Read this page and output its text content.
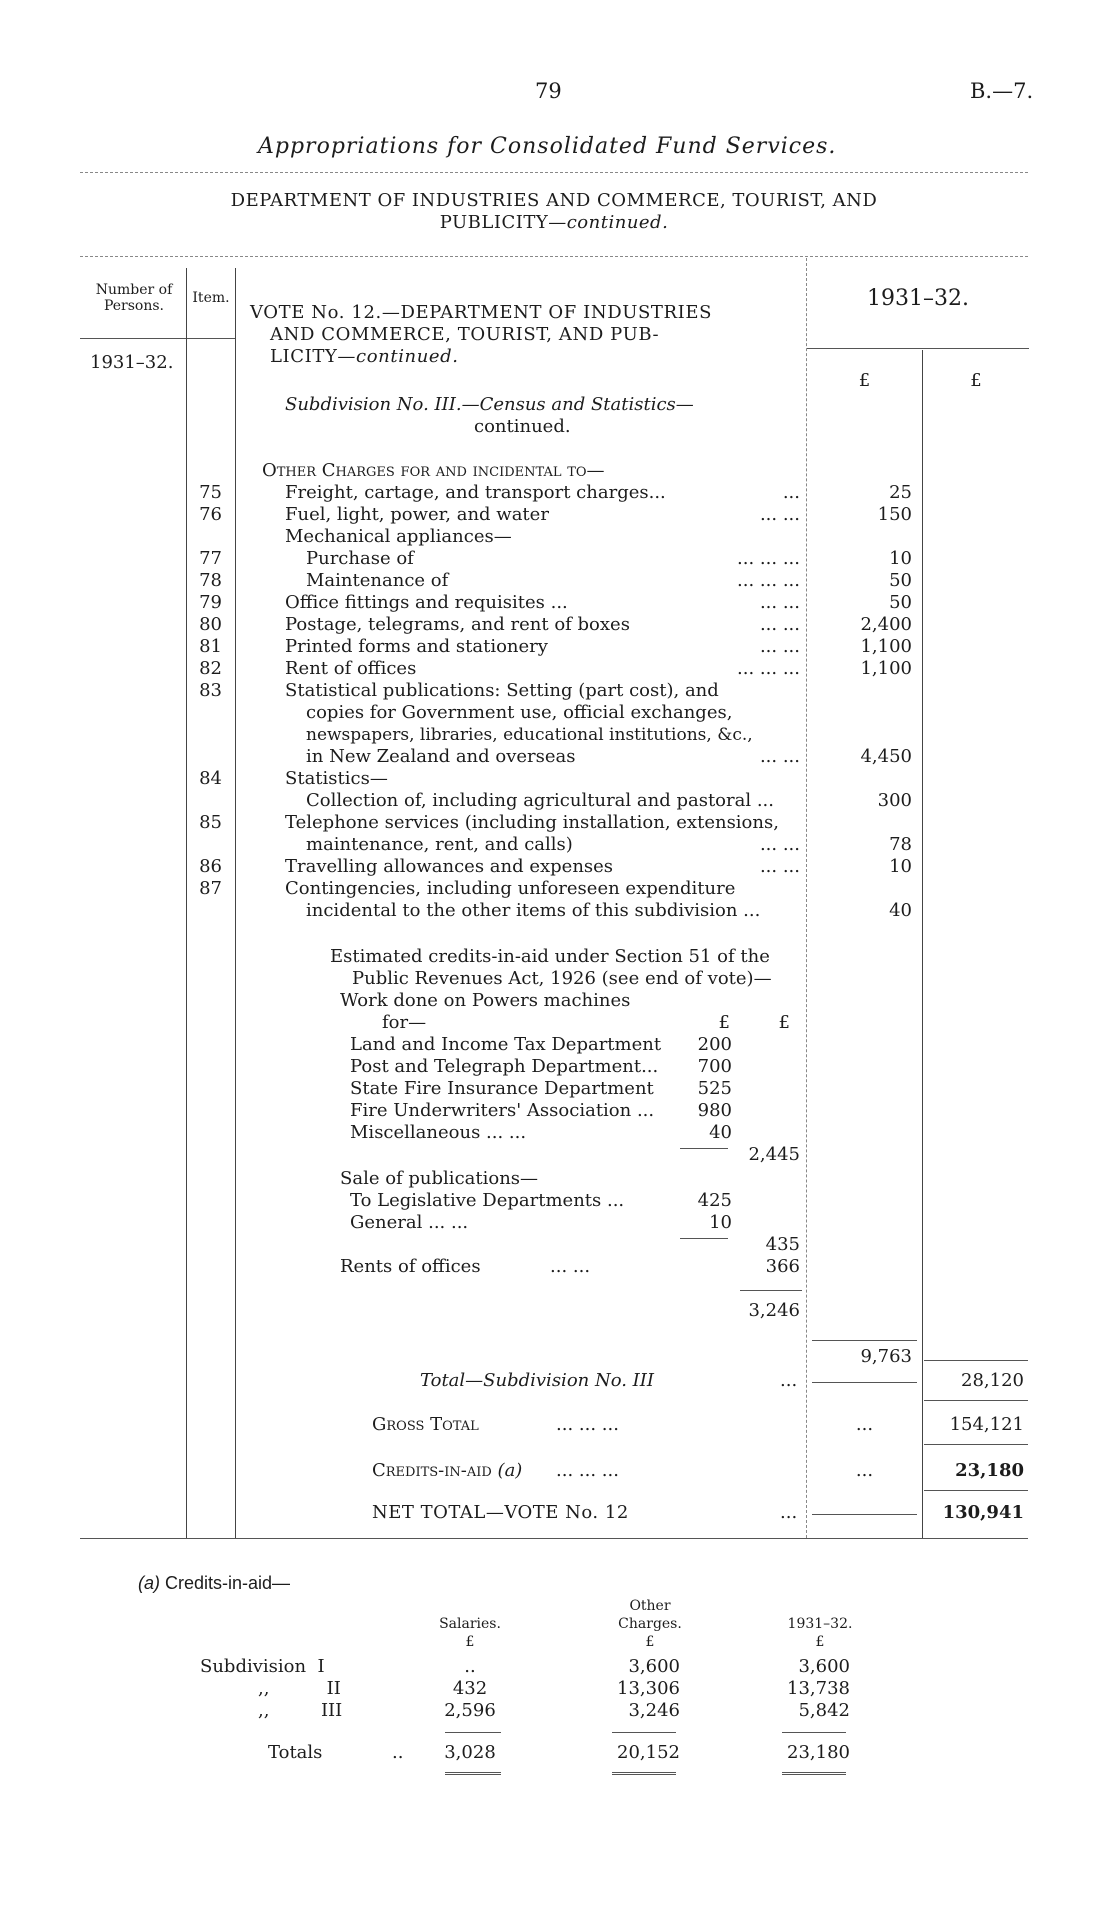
79	B.—7.
Appropriations for Consolidated Fund Services.
DEPARTMENT OF INDUSTRIES AND COMMERCE, TOURIST, AND
PUBLICITY—continued.
Number of Persons.	Item.	1931–32.
1931–32.
£	£
VOTE No. 12.—DEPARTMENT OF INDUSTRIES
AND COMMERCE, TOURIST, AND PUB-
LICITY—continued.
Subdivision No. III.—Census and Statistics—
continued.
Other Charges for and incidental to—
75	Freight, cartage, and transport charges...	...	25
76	Fuel, light, power, and water	... ...	150
Mechanical appliances—
77	Purchase of	... ... ...	10
78	Maintenance of	... ... ...	50
79	Office fittings and requisites ...	... ...	50
80	Postage, telegrams, and rent of boxes	... ...	2,400
81	Printed forms and stationery	... ...	1,100
82	Rent of offices	... ... ...	1,100
83	Statistical publications: Setting (part cost), and
copies for Government use, official exchanges,
newspapers, libraries, educational institutions, &c.,
in New Zealand and overseas	... ...	4,450
84	Statistics—
Collection of, including agricultural and pastoral ...	300
85	Telephone services (including installation, extensions,
maintenance, rent, and calls)	... ...	78
86	Travelling allowances and expenses	... ...	10
87	Contingencies, including unforeseen expenditure
incidental to the other items of this subdivision ...	40
Estimated credits-in-aid under Section 51 of the
Public Revenues Act, 1926 (see end of vote)—
Work done on Powers machines
for—	£	£
Land and Income Tax Department	200
Post and Telegraph Department...	700
State Fire Insurance Department	525
Fire Underwriters' Association ...	980
Miscellaneous ... ...	40
2,445
Sale of publications—
To Legislative Departments ...	425
General ... ...	10
435
Rents of offices	... ...	366
3,246
9,763
Total—Subdivision No. III	...	28,120
Gross Total	... ... ...	...	154,121
Credits-in-aid (a) ... ... ...	...	23,180
NET TOTAL—VOTE No. 12	...	130,941
(a) Credits-in-aid—
Salaries.
Other
Charges.	1931–32.
£	£	£
Subdivision  I	..	3,600	3,600
,,          II	432	13,306	13,738
,,         III	2,596	3,246	5,842
Totals	..	3,028	20,152	23,180
